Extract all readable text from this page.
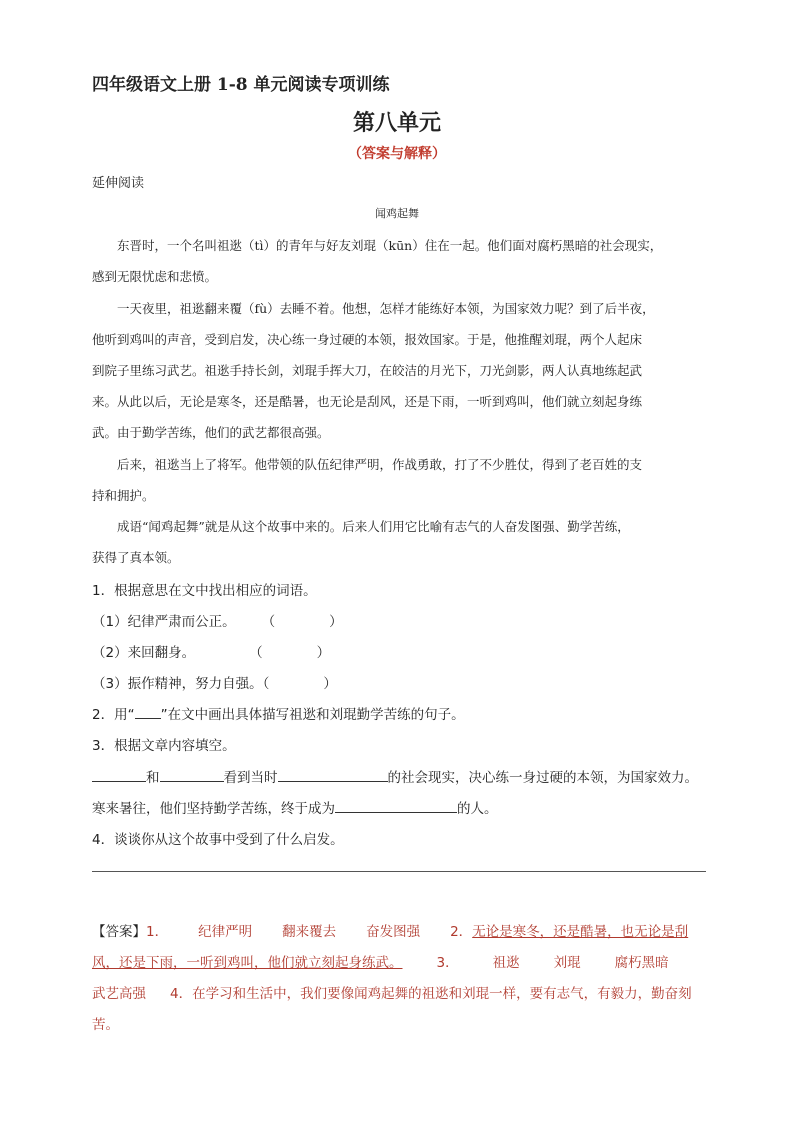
四年级语文上册 1-8 单元阅读专项训练
第八单元
（答案与解释）
延伸阅读
闻鸡起舞
东晋时，一个名叫祖逖（tì）的青年与好友刘琨（kūn）住在一起。他们面对腐朽黑暗的社会现实，
感到无限忧虑和悲愤。
一天夜里，祖逖翻来覆（fù）去睡不着。他想，怎样才能练好本领，为国家效力呢？到了后半夜，
他听到鸡叫的声音，受到启发，决心练一身过硬的本领，报效国家。于是，他推醒刘琨，两个人起床
到院子里练习武艺。祖逖手持长剑，刘琨手挥大刀，在皎洁的月光下，刀光剑影，两人认真地练起武
来。从此以后，无论是寒冬，还是酷暑，也无论是刮风，还是下雨，一听到鸡叫，他们就立刻起身练
武。由于勤学苦练，他们的武艺都很高强。
后来，祖逖当上了将军。他带领的队伍纪律严明，作战勇敢，打了不少胜仗，得到了老百姓的支
持和拥护。
成语“闻鸡起舞”就是从这个故事中来的。后来人们用它比喻有志气的人奋发图强、勤学苦练，
获得了真本领。
1．根据意思在文中找出相应的词语。
（1）纪律严肃而公正。 （　　　　）
（2）来回翻身。	（　　　　）
（3）振作精神，努力自强。（　　　　）
2．用“ ”在文中画出具体描写祖逖和刘琨勤学苦练的句子。
3．根据文章内容填空。
和	看到当时	的社会现实，决心练一身过硬的本领，为国家效力。
寒来暑往，他们坚持勤学苦练，终于成为	的人。
4．谈谈你从这个故事中受到了什么启发。
【答案】1． 纪律严明 翻来覆去 奋发图强 2．无论是寒冬，还是酷暑，也无论是刮
风，还是下雨，一听到鸡叫，他们就立刻起身练武。	3．	祖逖	刘琨	腐朽黑暗
武艺高强 4．在学习和生活中，我们要像闻鸡起舞的祖逖和刘琨一样，要有志气，有毅力，勤奋刻
苦。
